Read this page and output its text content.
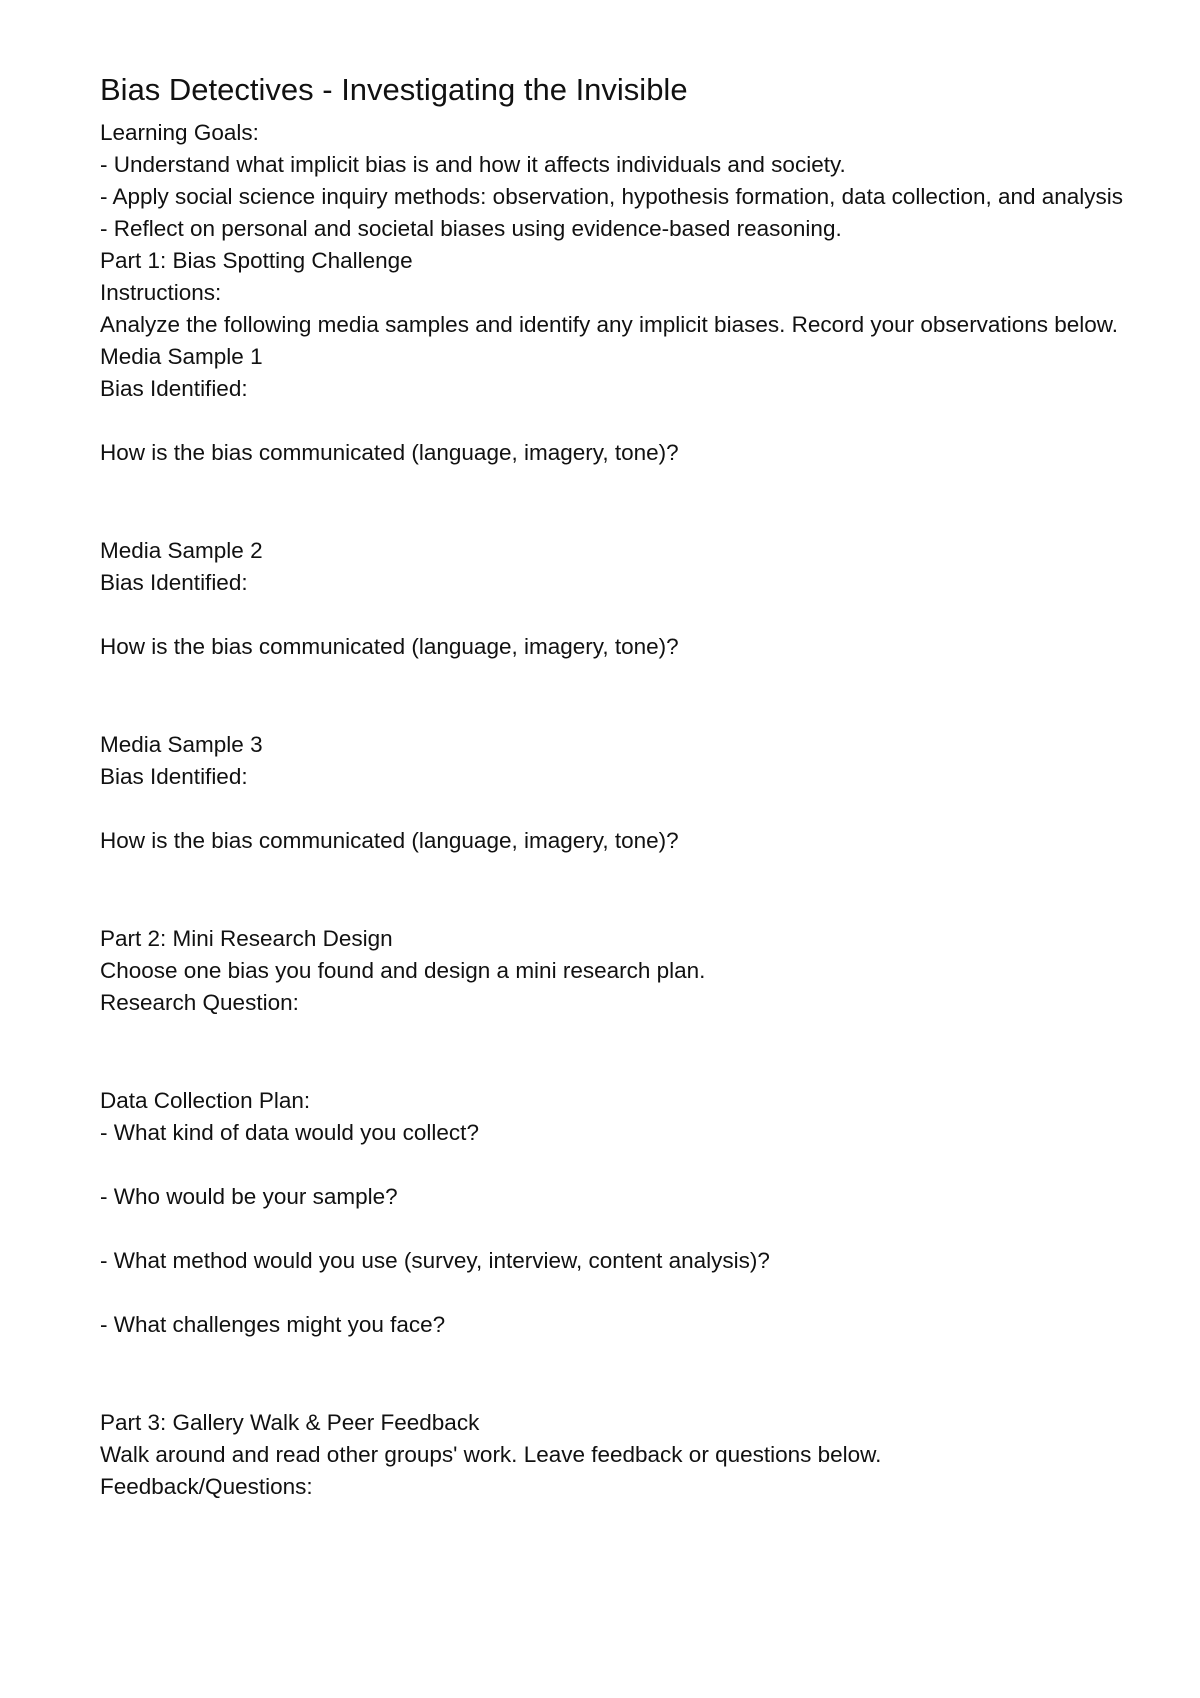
Bias Detectives - Investigating the Invisible
Learning Goals:
- Understand what implicit bias is and how it affects individuals and society.
- Apply social science inquiry methods: observation, hypothesis formation, data collection, and analysis
- Reflect on personal and societal biases using evidence-based reasoning.
Part 1: Bias Spotting Challenge
Instructions:
Analyze the following media samples and identify any implicit biases. Record your observations below.
Media Sample 1
Bias Identified:
How is the bias communicated (language, imagery, tone)?
Media Sample 2
Bias Identified:
How is the bias communicated (language, imagery, tone)?
Media Sample 3
Bias Identified:
How is the bias communicated (language, imagery, tone)?
Part 2: Mini Research Design
Choose one bias you found and design a mini research plan.
Research Question:
Data Collection Plan:
- What kind of data would you collect?
- Who would be your sample?
- What method would you use (survey, interview, content analysis)?
- What challenges might you face?
Part 3: Gallery Walk & Peer Feedback
Walk around and read other groups' work. Leave feedback or questions below.
Feedback/Questions:
